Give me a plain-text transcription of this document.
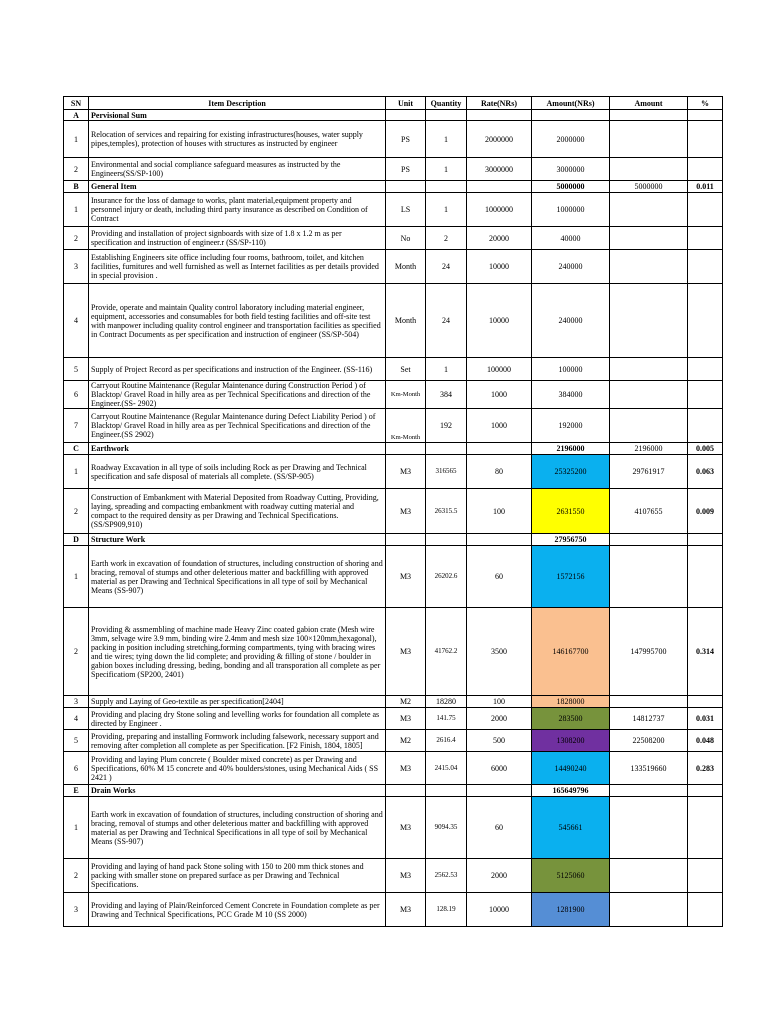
SN	Item Description	Unit	Quantity	Rate(NRs)	Amount(NRs)	Amount	%
A	Pervisional Sum						
1	Relocation of services and repairing for existing infrastructures(houses, water supply pipes,temples), protection of houses with structures as instructed by engineer	PS	1	2000000	2000000		
2	Environmental and social compliance safeguard measures as instructed by the Engineers(SS/SP-100)	PS	1	3000000	3000000		
B	General Item				5000000	5000000	0.011
1	Insurance for the loss of damage to works, plant material,equipment property and personnel injury or death, including third party insurance as described on Condition of Contract	LS	1	1000000	1000000		
2	Providing and installation of project signboards with size of 1.8 x 1.2 m as per specification and instruction of engineer.r (SS/SP-110)	No	2	20000	40000		
3	Establishing Engineers site office including four rooms, bathroom, toilet, and kitchen facilities, furnitures and well furnished as well as Internet facilities as per details provided in special provision .	Month	24	10000	240000		
4	Provide, operate and maintain Quality control laboratory including material engineer, equipment, accessories and consumables for both field testing facilities and off-site test with manpower including quality control engineer and transportation facilities as specified in Contract Documents as per specification and instruction of engineer (SS/SP-504)	Month	24	10000	240000		
5	Supply of Project Record as per specifications and instruction of the Engineer. (SS-116)	Set	1	100000	100000		
6	Carryout Routine Maintenance (Regular Maintenance during Construction Period ) of Blacktop/ Gravel Road in hilly area as per Technical Specifications and direction of the Engineer.(SS- 2902)	Km-Month	384	1000	384000		
7	Carryout Routine Maintenance (Regular Maintenance during Defect Liability Period ) of Blacktop/ Gravel Road in hilly area as per Technical Specifications and direction of the Engineer.(SS 2902)	Km-Month	192	1000	192000		
C	Earthwork				2196000	2196000	0.005
1	Roadway Excavation in all type of soils including Rock as per Drawing and Technical specification and safe disposal of materials all complete. (SS/SP-905)	M3	316565	80	25325200	29761917	0.063
2	Construction of Embankment with Material Deposited from Roadway Cutting, Providing, laying, spreading and compacting embankment with roadway cutting material and compact to the required density as per Drawing and Technical Specifications. (SS/SP909,910)	M3	26315.5	100	2631550	4107655	0.009
D	Structure Work				27956750		
1	Earth work in excavation of foundation of structures, including construction of shoring and bracing, removal of stumps and other deleterious matter and backfilling with approved material as per Drawing and Technical Specifications in all type of soil by Mechanical Means (SS-907)	M3	26202.6	60	1572156		
2	Providing & assmembling of machine made Heavy Zinc coated gabion crate (Mesh wire 3mm, selvage wire 3.9 mm, binding wire 2.4mm and mesh size 100×120mm,hexagonal), packing in position including stretching,forming compartments, tying with bracing wires and tie wires; tying down the lid complete; and providing & filling of stone / boulder in gabion boxes including dressing, beding, bonding and all transporation all complete as per Specificatiom (SP200, 2401)	M3	41762.2	3500	146167700	147995700	0.314
3	Supply and Laying of Geo-textile as per specification[2404]	M2	18280	100	1828000		
4	Providing and placing dry Stone soling and levelling works for foundation all complete as directed by Engineer .	M3	141.75	2000	283500	14812737	0.031
5	Providing, preparing and installing Formwork including falsework, necessary support and removing after completion all complete as per Specification. [F2 Finish, 1804, 1805]	M2	2616.4	500	1308200	22508200	0.048
6	Providing and laying Plum concrete ( Boulder mixed concrete) as per Drawing and Specifications, 60% M 15 concrete and 40% boulders/stones, using Mechanical Aids ( SS 2421 )	M3	2415.04	6000	14490240	133519660	0.283
E	Drain Works				165649796		
1	Earth work in excavation of foundation of structures, including construction of shoring and bracing, removal of stumps and other deleterious matter and backfilling with approved material as per Drawing and Technical Specifications in all type of soil by Mechanical Means (SS-907)	M3	9094.35	60	545661		
2	Providing and laying of hand pack Stone soling with 150 to 200 mm thick stones and packing with smaller stone on prepared surface as per Drawing and Technical Specifications.	M3	2562.53	2000	5125060		
3	Providing and laying of Plain/Reinforced Cement Concrete in Foundation complete as per Drawing and Technical Specifications, PCC Grade M 10 (SS 2000)	M3	128.19	10000	1281900		
